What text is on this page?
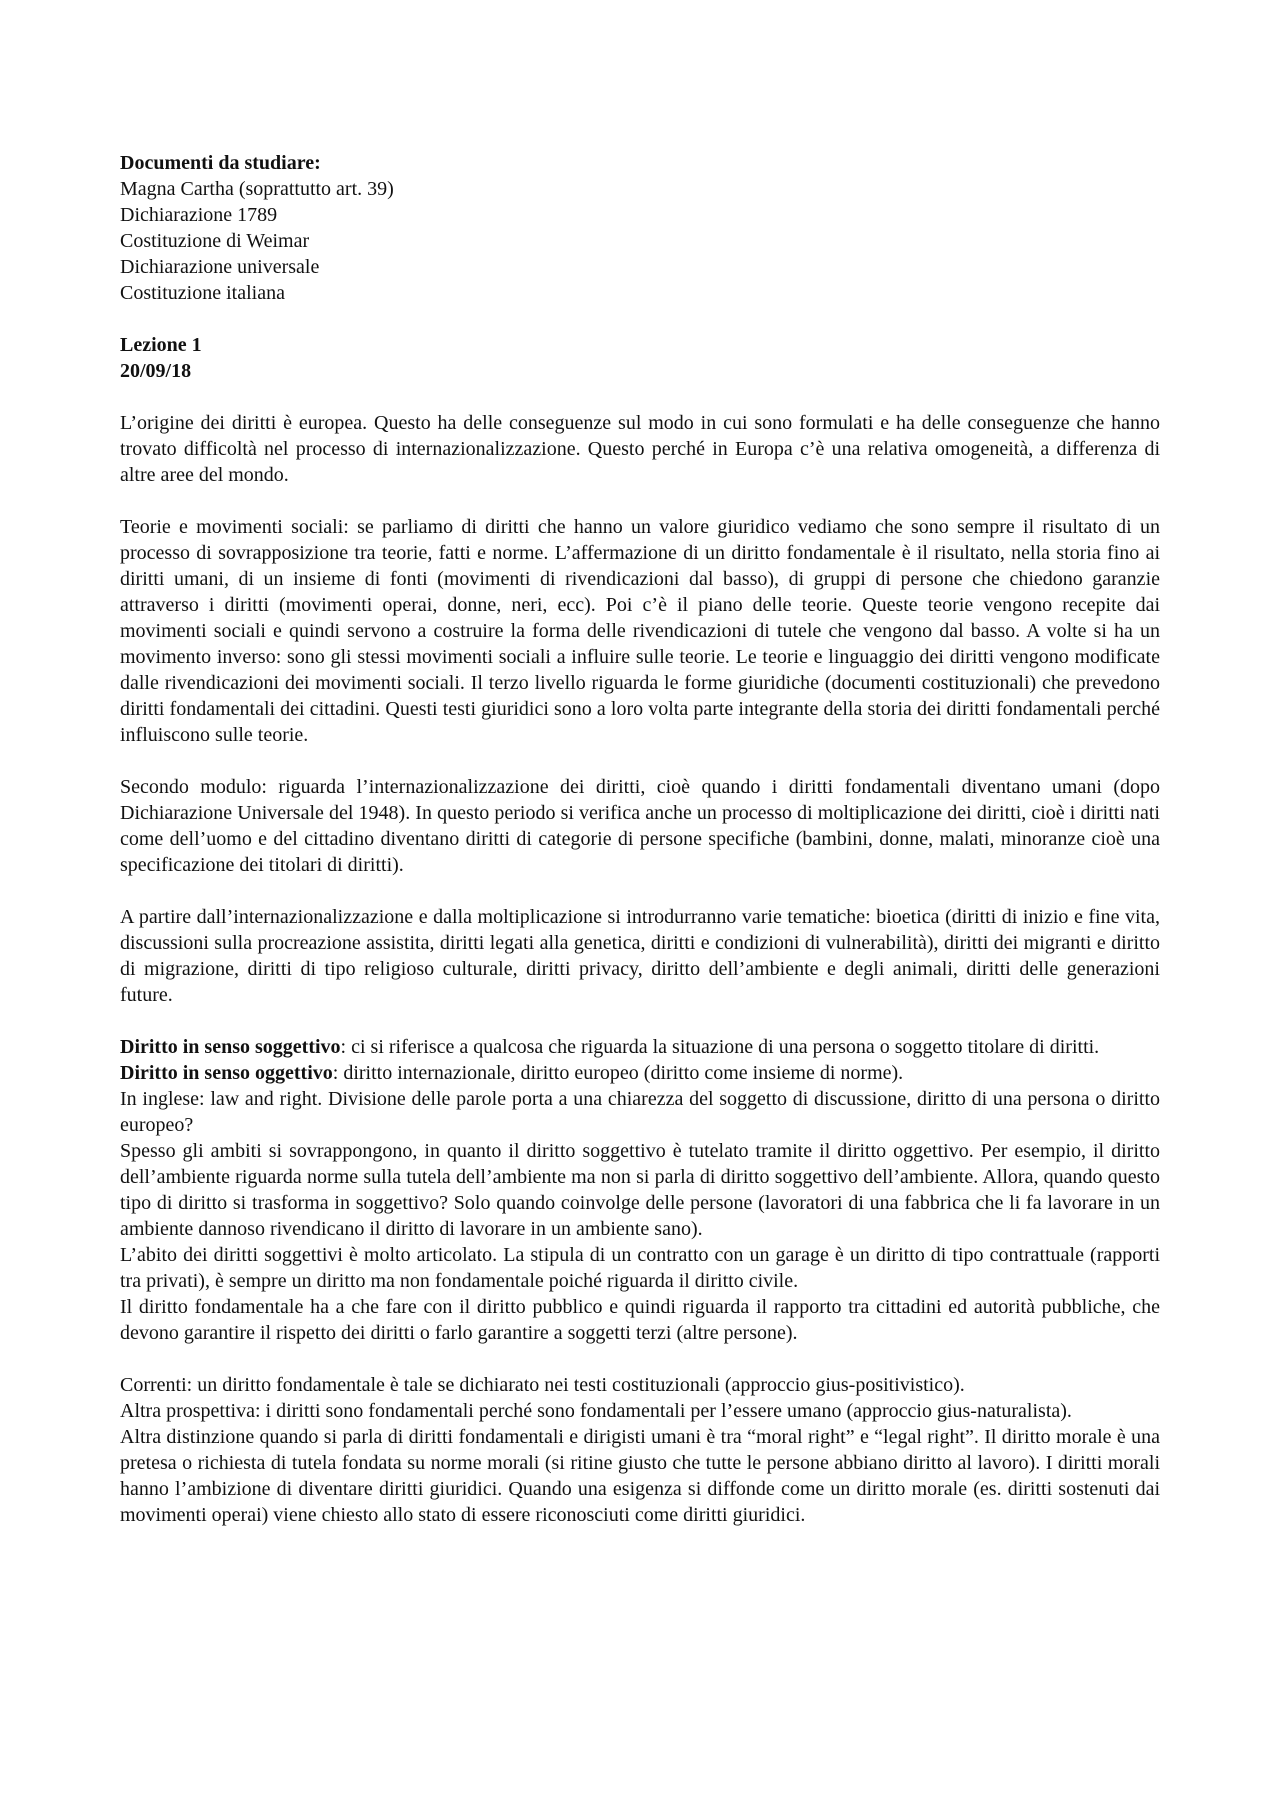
Documenti da studiare:
Magna Cartha (soprattutto art. 39)
Dichiarazione 1789
Costituzione di Weimar
Dichiarazione universale
Costituzione italiana
Lezione 1
20/09/18

L’origine dei diritti è europea. Questo ha delle conseguenze sul modo in cui sono formulati e ha delle conseguenze che hanno trovato difficoltà nel processo di internazionalizzazione. Questo perché in Europa c’è una relativa omogeneità, a differenza di altre aree del mondo.

Teorie e movimenti sociali: se parliamo di diritti che hanno un valore giuridico vediamo che sono sempre il risultato di un processo di sovrapposizione tra teorie, fatti e norme. L’affermazione di un diritto fondamentale è il risultato, nella storia fino ai diritti umani, di un insieme di fonti (movimenti di rivendicazioni dal basso), di gruppi di persone che chiedono garanzie attraverso i diritti (movimenti operai, donne, neri, ecc). Poi c’è il piano delle teorie. Queste teorie vengono recepite dai movimenti sociali e quindi servono a costruire la forma delle rivendicazioni di tutele che vengono dal basso. A volte si ha un movimento inverso: sono gli stessi movimenti sociali a influire sulle teorie. Le teorie e linguaggio dei diritti vengono modificate dalle rivendicazioni dei movimenti sociali. Il terzo livello riguarda le forme giuridiche (documenti costituzionali) che prevedono diritti fondamentali dei cittadini. Questi testi giuridici sono a loro volta parte integrante della storia dei diritti fondamentali perché influiscono sulle teorie.

Secondo modulo: riguarda l’internazionalizzazione dei diritti, cioè quando i diritti fondamentali diventano umani (dopo Dichiarazione Universale del 1948). In questo periodo si verifica anche un processo di moltiplicazione dei diritti, cioè i diritti nati come dell’uomo e del cittadino diventano diritti di categorie di persone specifiche (bambini, donne, malati, minoranze cioè una specificazione dei titolari di diritti).

A partire dall’internazionalizzazione e dalla moltiplicazione si introdurranno varie tematiche: bioetica (diritti di inizio e fine vita, discussioni sulla procreazione assistita, diritti legati alla genetica, diritti e condizioni di vulnerabilità), diritti dei migranti e diritto di migrazione, diritti di tipo religioso culturale, diritti privacy, diritto dell’ambiente e degli animali, diritti delle generazioni future.

Diritto in senso soggettivo: ci si riferisce a qualcosa che riguarda la situazione di una persona o soggetto titolare di diritti.

Diritto in senso oggettivo: diritto internazionale, diritto europeo (diritto come insieme di norme).

In inglese: law and right. Divisione delle parole porta a una chiarezza del soggetto di discussione, diritto di una persona o diritto europeo?

Spesso gli ambiti si sovrappongono, in quanto il diritto soggettivo è tutelato tramite il diritto oggettivo. Per esempio, il diritto dell’ambiente riguarda norme sulla tutela dell’ambiente ma non si parla di diritto soggettivo dell’ambiente. Allora, quando questo tipo di diritto si trasforma in soggettivo? Solo quando coinvolge delle persone (lavoratori di una fabbrica che li fa lavorare in un ambiente dannoso rivendicano il diritto di lavorare in un ambiente sano).

L’abito dei diritti soggettivi è molto articolato. La stipula di un contratto con un garage è un diritto di tipo contrattuale (rapporti tra privati), è sempre un diritto ma non fondamentale poiché riguarda il diritto civile.

Il diritto fondamentale ha a che fare con il diritto pubblico e quindi riguarda il rapporto tra cittadini ed autorità pubbliche, che devono garantire il rispetto dei diritti o farlo garantire a soggetti terzi (altre persone).

Correnti: un diritto fondamentale è tale se dichiarato nei testi costituzionali (approccio gius-positivistico).

Altra prospettiva: i diritti sono fondamentali perché sono fondamentali per l’essere umano (approccio gius-naturalista).

Altra distinzione quando si parla di diritti fondamentali e dirigisti umani è tra “moral right” e “legal right”. Il diritto morale è una pretesa o richiesta di tutela fondata su norme morali (si ritine giusto che tutte le persone abbiano diritto al lavoro). I diritti morali hanno l’ambizione di diventare diritti giuridici. Quando una esigenza si diffonde come un diritto morale (es. diritti sostenuti dai movimenti operai) viene chiesto allo stato di essere riconosciuti come diritti giuridici.
